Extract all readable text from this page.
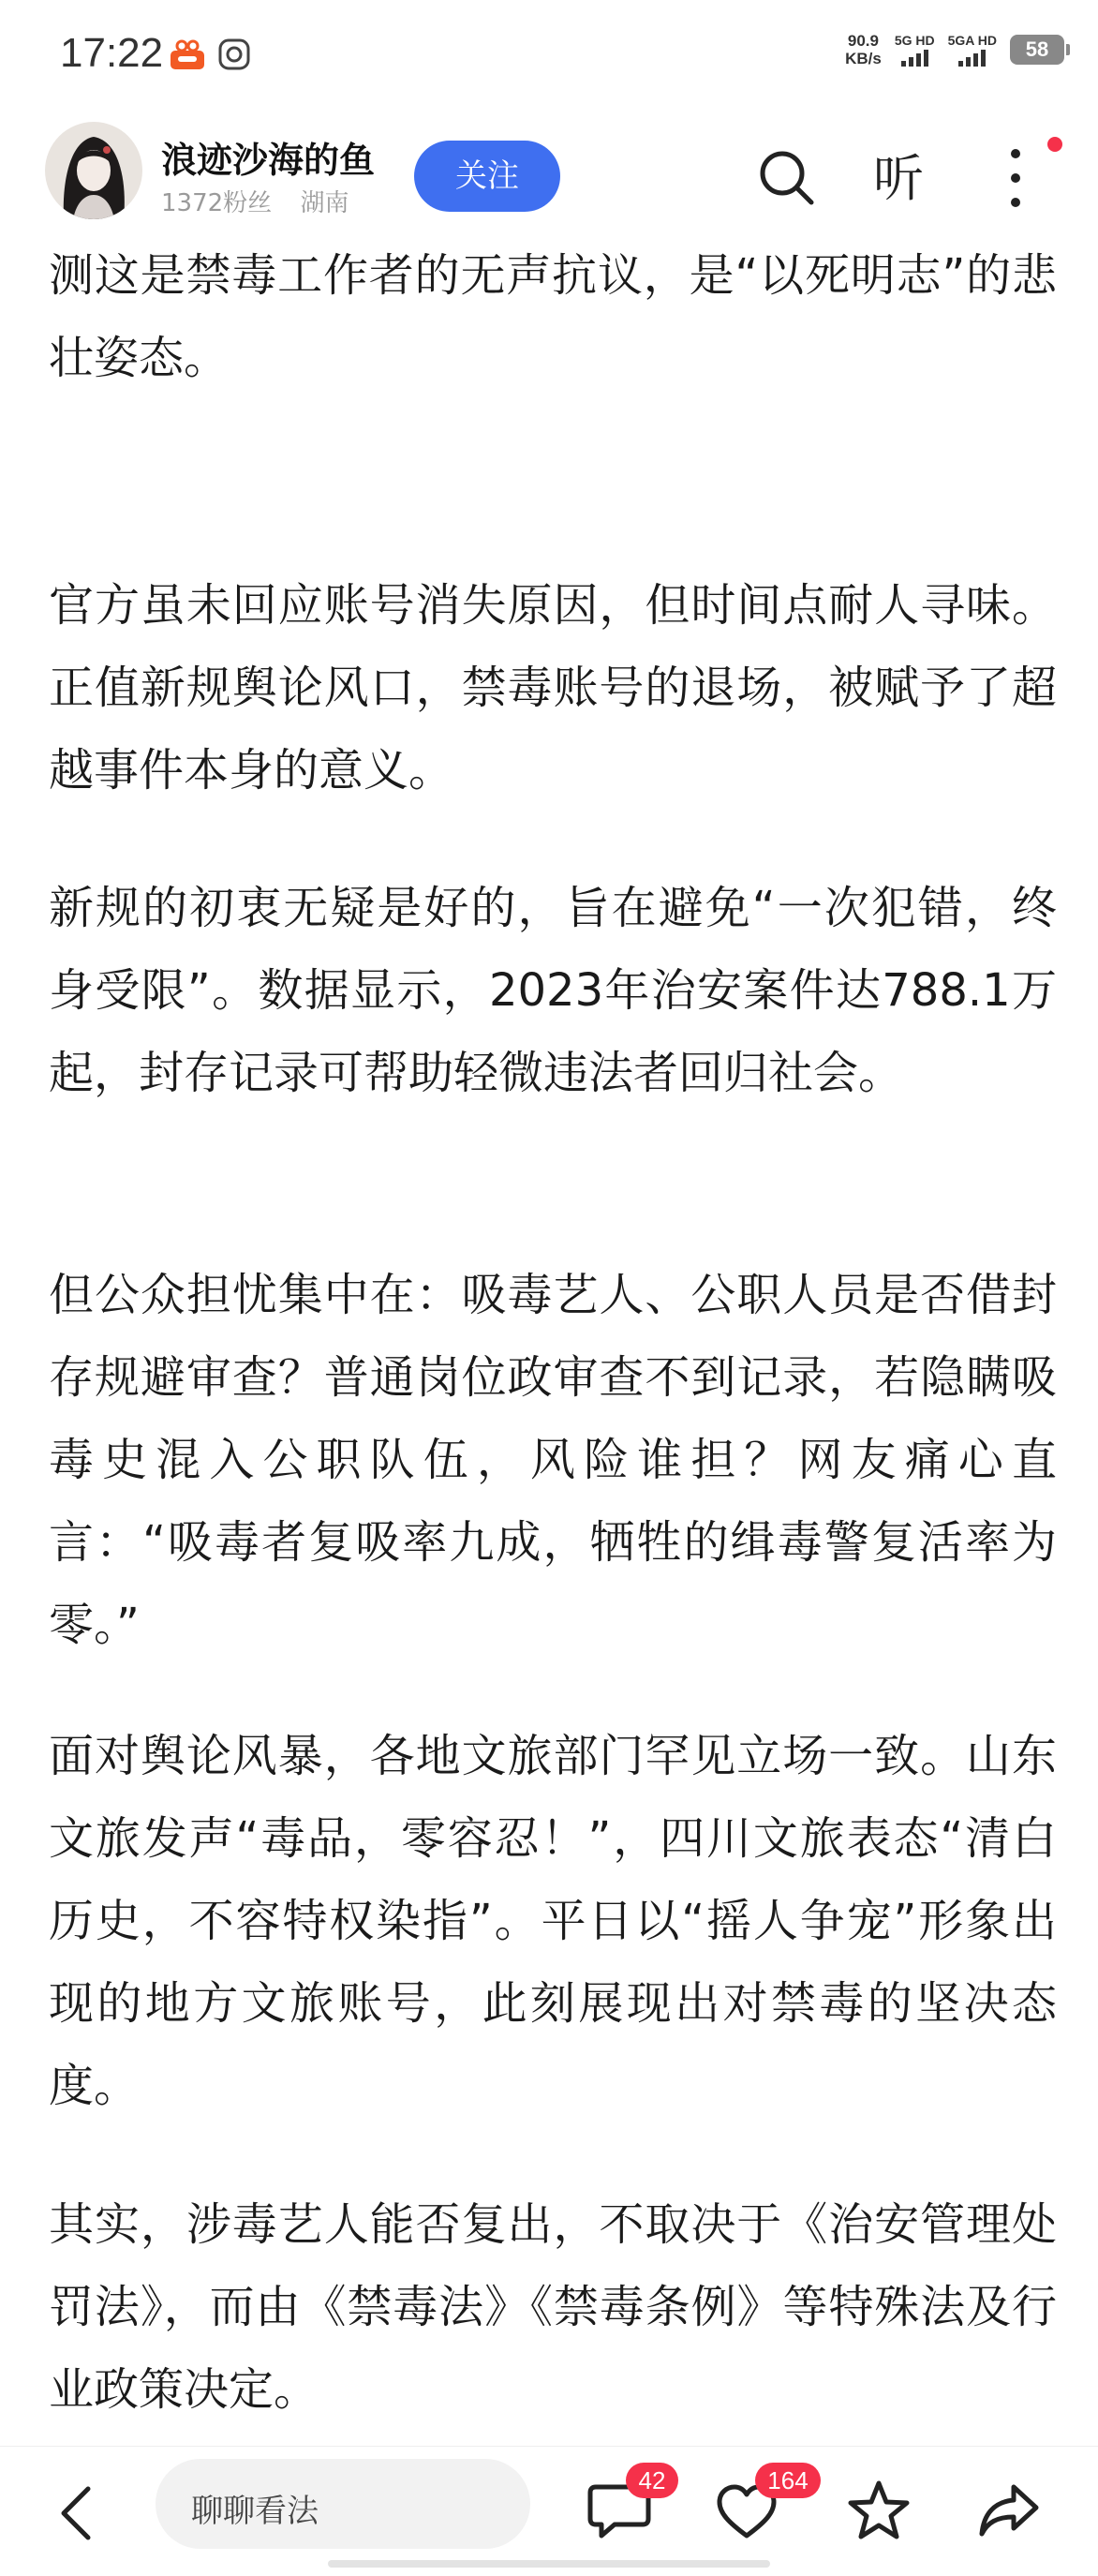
17:22	90.9
KB/s
5G HD 5GA HD	58
浪迹沙海的鱼
1372粉丝 湖南
关注	听

测这是禁毒工作者的无声抗议，是“以死明志”的悲壮姿态。

官方虽未回应账号消失原因，但时间点耐人寻味。正值新规舆论风口，禁毒账号的退场，被赋予了超越事件本身的意义。

新规的初衷无疑是好的，旨在避免“一次犯错，终身受限”。数据显示，2023年治安案件达788.1万起，封存记录可帮助轻微违法者回归社会。

但公众担忧集中在：吸毒艺人、公职人员是否借封存规避审查？普通岗位政审查不到记录，若隐瞒吸毒史混入公职队伍，风险谁担？网友痛心直言：“吸毒者复吸率九成，牺牲的缉毒警复活率为零。”

面对舆论风暴，各地文旅部门罕见立场一致。山东文旅发声“毒品，零容忍！”，四川文旅表态“清白历史，不容特权染指”。平日以“摇人争宠”形象出现的地方文旅账号，此刻展现出对禁毒的坚决态度。

其实，涉毒艺人能否复出，不取决于《治安管理处罚法》，而由《禁毒法》《禁毒条例》等特殊法及行业政策决定。

聊聊看法
42	164
